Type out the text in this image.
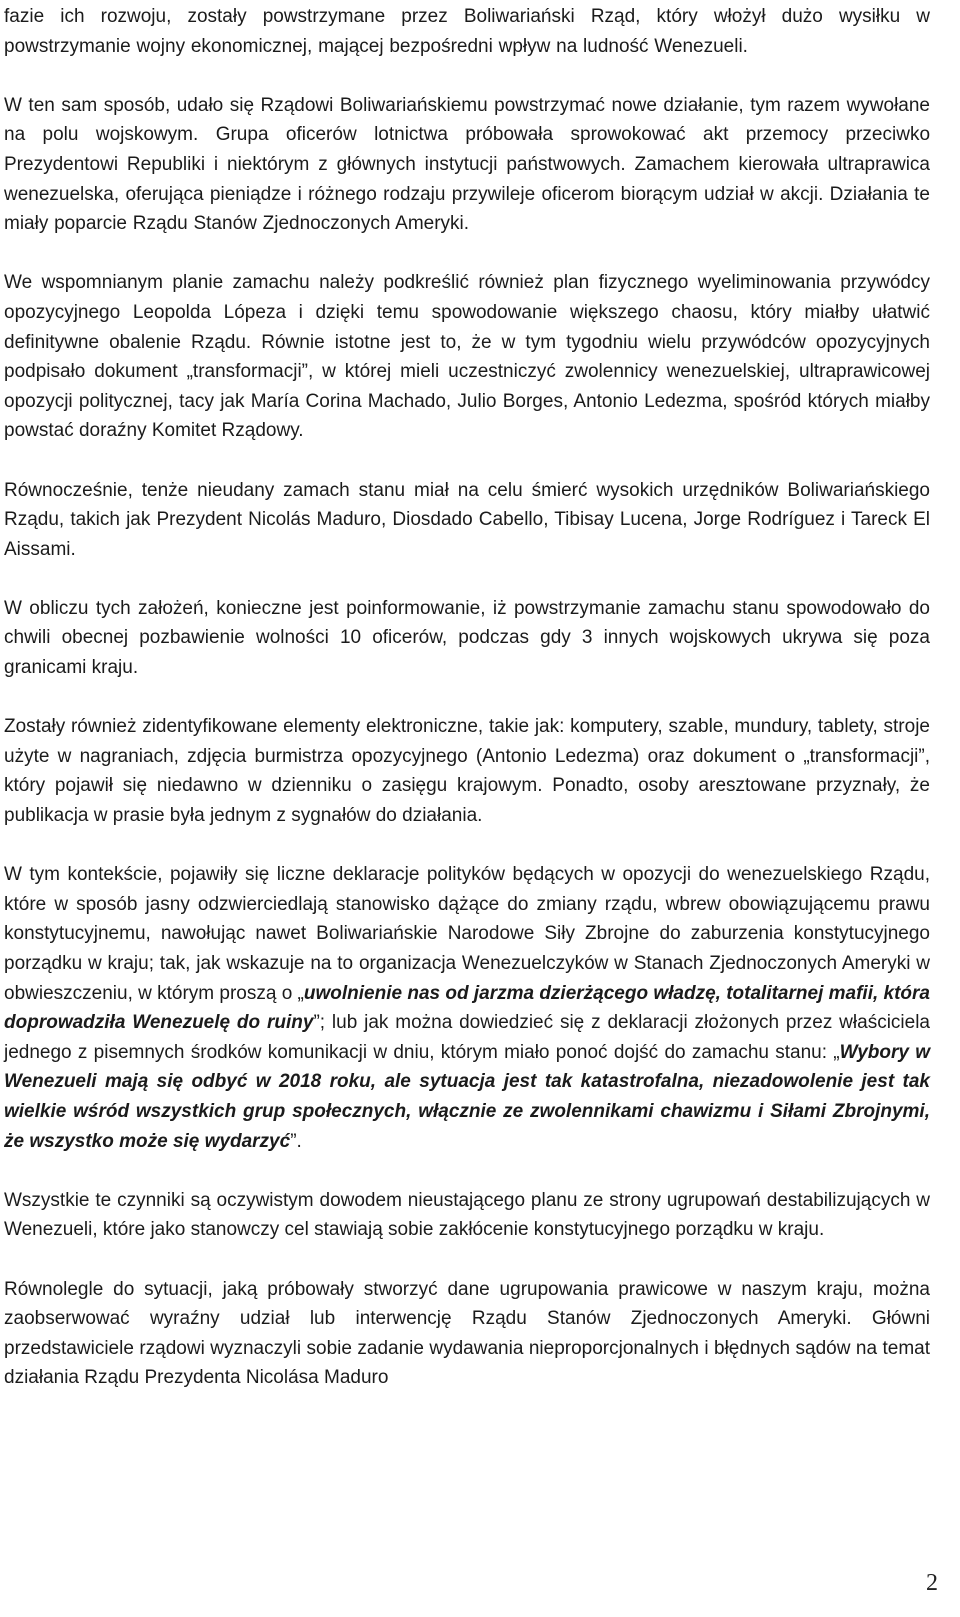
fazie ich rozwoju, zostały powstrzymane przez Boliwariański Rząd, który włożył dużo wysiłku w powstrzymanie wojny ekonomicznej, mającej bezpośredni wpływ na ludność Wenezueli.

W ten sam sposób, udało się Rządowi Boliwariańskiemu powstrzymać nowe działanie, tym razem wywołane na polu wojskowym. Grupa oficerów lotnictwa próbowała sprowokować akt przemocy przeciwko Prezydentowi Republiki i niektórym z głównych instytucji państwowych. Zamachem kierowała ultraprawica wenezuelska, oferująca pieniądze i różnego rodzaju przywileje oficerom biorącym udział w akcji. Działania te miały poparcie Rządu Stanów Zjednoczonych Ameryki.

We wspomnianym planie zamachu należy podkreślić również plan fizycznego wyeliminowania przywódcy opozycyjnego Leopolda Lópeza i dzięki temu spowodowanie większego chaosu, który miałby ułatwić definitywne obalenie Rządu. Równie istotne jest to, że w tym tygodniu wielu przywódców opozycyjnych podpisało dokument „transformacji”, w której mieli uczestniczyć zwolennicy wenezuelskiej, ultraprawicowej opozycji politycznej, tacy jak María Corina Machado, Julio Borges, Antonio Ledezma, spośród których miałby powstać doraźny Komitet Rządowy.

Równocześnie, tenże nieudany zamach stanu miał na celu śmierć wysokich urzędników Boliwariańskiego Rządu, takich jak Prezydent Nicolás Maduro, Diosdado Cabello, Tibisay Lucena, Jorge Rodríguez i Tareck El Aissami.

W obliczu tych założeń, konieczne jest poinformowanie, iż powstrzymanie zamachu stanu spowodowało do chwili obecnej pozbawienie wolności 10 oficerów, podczas gdy 3 innych wojskowych ukrywa się poza granicami kraju.

Zostały również zidentyfikowane elementy elektroniczne, takie jak: komputery, szable, mundury, tablety, stroje użyte w nagraniach, zdjęcia burmistrza opozycyjnego (Antonio Ledezma) oraz dokument o „transformacji”, który pojawił się niedawno w dzienniku o zasięgu krajowym. Ponadto, osoby aresztowane przyznały, że publikacja w prasie była jednym z sygnałów do działania.

W tym kontekście, pojawiły się liczne deklaracje polityków będących w opozycji do wenezuelskiego Rządu, które w sposób jasny odzwierciedlają stanowisko dążące do zmiany rządu, wbrew obowiązującemu prawu konstytucyjnemu, nawołując nawet Boliwariańskie Narodowe Siły Zbrojne do zaburzenia konstytucyjnego porządku w kraju; tak, jak wskazuje na to organizacja Wenezuelczyków w Stanach Zjednoczonych Ameryki w obwieszczeniu, w którym proszą o „uwolnienie nas od jarzma dzierżącego władzę, totalitarnej mafii, która doprowadziła Wenezuelę do ruiny”; lub jak można dowiedzieć się z deklaracji złożonych przez właściciela jednego z pisemnych środków komunikacji w dniu, którym miało ponoć dojść do zamachu stanu: „Wybory w Wenezueli mają się odbyć w 2018 roku, ale sytuacja jest tak katastrofalna, niezadowolenie jest tak wielkie wśród wszystkich grup społecznych, włącznie ze zwolennikami chawizmu i Siłami Zbrojnymi, że wszystko może się wydarzyć”.

Wszystkie te czynniki są oczywistym dowodem nieustającego planu ze strony ugrupowań destabilizujących w Wenezueli, które jako stanowczy cel stawiają sobie zakłócenie konstytucyjnego porządku w kraju.

Równolegle do sytuacji, jaką próbowały stworzyć dane ugrupowania prawicowe w naszym kraju, można zaobserwować wyraźny udział lub interwencję Rządu Stanów Zjednoczonych Ameryki. Główni przedstawiciele rządowi wyznaczyli sobie zadanie wydawania nieproporcjonalnych i błędnych sądów na temat działania Rządu Prezydenta Nicolása Maduro

2
